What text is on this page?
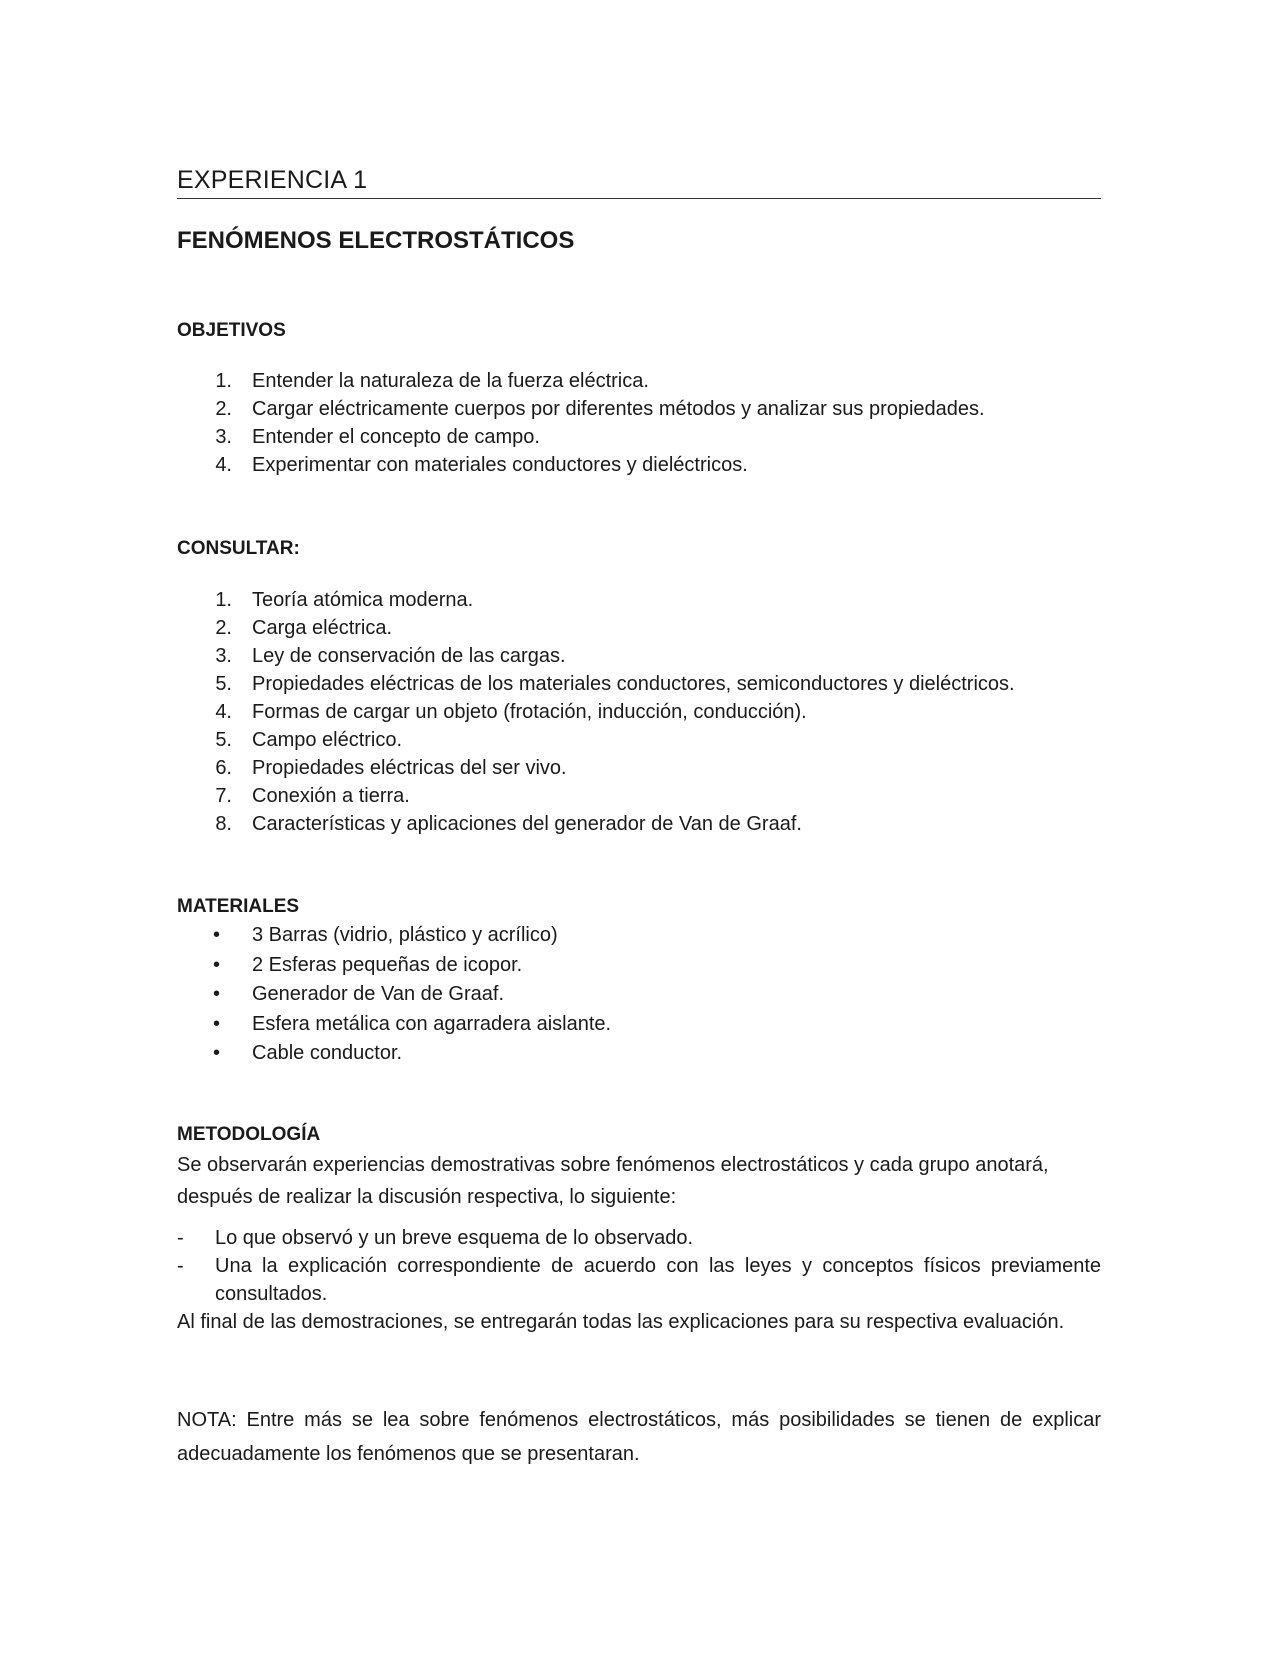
EXPERIENCIA 1
FENÓMENOS ELECTROSTÁTICOS
OBJETIVOS
1. Entender la naturaleza de la fuerza eléctrica.
2. Cargar eléctricamente cuerpos por diferentes métodos y analizar sus propiedades.
3. Entender el concepto de campo.
4. Experimentar con materiales conductores y dieléctricos.
CONSULTAR:
1. Teoría atómica moderna.
2. Carga eléctrica.
3. Ley de conservación de las cargas.
5. Propiedades eléctricas de los materiales conductores, semiconductores y dieléctricos.
4. Formas de cargar un objeto (frotación, inducción, conducción).
5. Campo eléctrico.
6. Propiedades eléctricas del ser vivo.
7. Conexión a tierra.
8. Características y aplicaciones del generador de Van de Graaf.
MATERIALES
• 3 Barras (vidrio, plástico y acrílico)
• 2 Esferas pequeñas de icopor.
• Generador de Van de Graaf.
• Esfera metálica con agarradera aislante.
• Cable conductor.
METODOLOGÍA

Se observarán experiencias demostrativas sobre fenómenos electrostáticos y cada grupo anotará, después de realizar la discusión respectiva, lo siguiente:

- Lo que observó y un breve esquema de lo observado.
- Una la explicación correspondiente de acuerdo con las leyes y conceptos físicos previamente consultados.

Al final de las demostraciones, se entregarán todas las explicaciones para su respectiva evaluación.

NOTA: Entre más se lea sobre fenómenos electrostáticos, más posibilidades se tienen de explicar adecuadamente los fenómenos que se presentaran.
